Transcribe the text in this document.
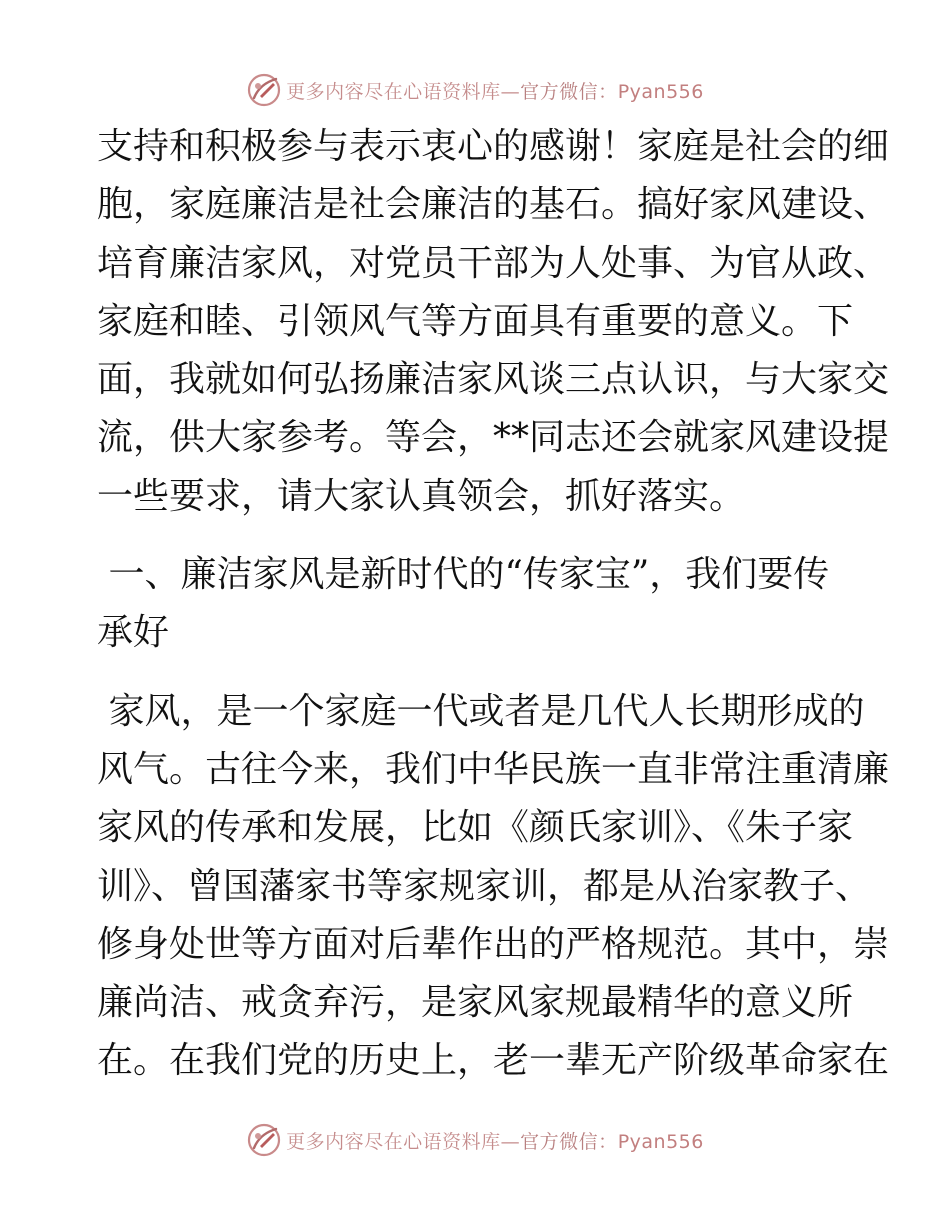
更多内容尽在心语资料库—官方微信：Pyan556
支持和积极参与表示衷心的感谢！家庭是社会的细
胞，家庭廉洁是社会廉洁的基石。搞好家风建设、
培育廉洁家风，对党员干部为人处事、为官从政、
家庭和睦、引领风气等方面具有重要的意义。下
面，我就如何弘扬廉洁家风谈三点认识，与大家交
流，供大家参考。等会，**同志还会就家风建设提
一些要求，请大家认真领会，抓好落实。
一、廉洁家风是新时代的“传家宝”，我们要传
承好
家风，是一个家庭一代或者是几代人长期形成的
风气。古往今来，我们中华民族一直非常注重清廉
家风的传承和发展，比如《颜氏家训》、《朱子家
训》、曾国藩家书等家规家训，都是从治家教子、
修身处世等方面对后辈作出的严格规范。其中，崇
廉尚洁、戒贪弃污，是家风家规最精华的意义所
在。在我们党的历史上，老一辈无产阶级革命家在
更多内容尽在心语资料库—官方微信：Pyan556
